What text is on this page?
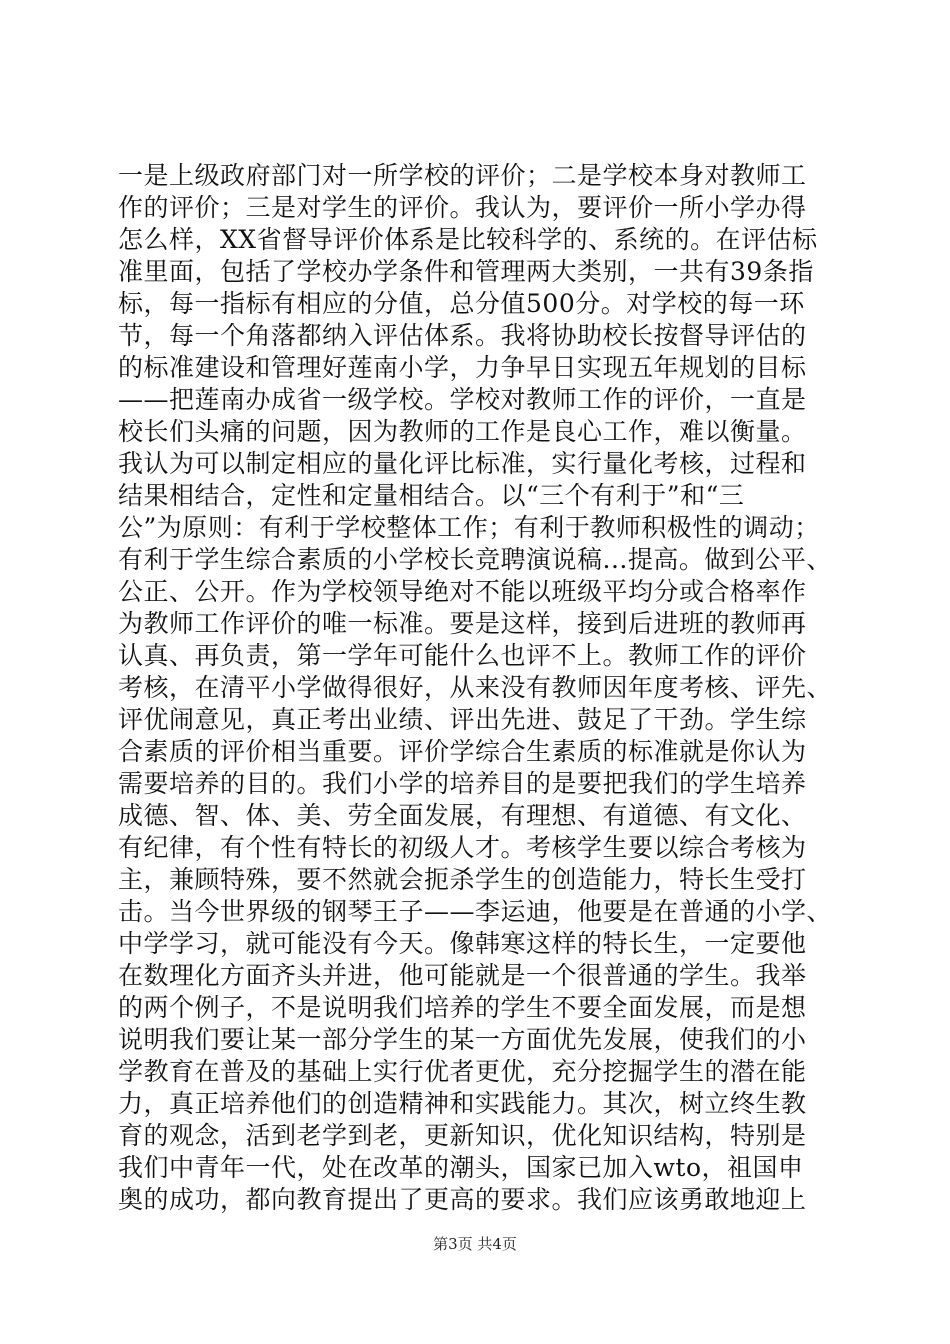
一是上级政府部门对一所学校的评价；二是学校本身对教师工
作的评价；三是对学生的评价。我认为，要评价一所小学办得
怎么样，XX省督导评价体系是比较科学的、系统的。在评估标
准里面，包括了学校办学条件和管理两大类别，一共有39条指
标，每一指标有相应的分值，总分值500分。对学校的每一环
节，每一个角落都纳入评估体系。我将协助校长按督导评估的
的标准建设和管理好莲南小学，力争早日实现五年规划的目标
——把莲南办成省一级学校。学校对教师工作的评价，一直是
校长们头痛的问题，因为教师的工作是良心工作，难以衡量。
我认为可以制定相应的量化评比标准，实行量化考核，过程和
结果相结合，定性和定量相结合。以“三个有利于”和“三
公”为原则：有利于学校整体工作；有利于教师积极性的调动；
有利于学生综合素质的小学校长竞聘演说稿...提高。做到公平、
公正、公开。作为学校领导绝对不能以班级平均分或合格率作
为教师工作评价的唯一标准。要是这样，接到后进班的教师再
认真、再负责，第一学年可能什么也评不上。教师工作的评价
考核，在清平小学做得很好，从来没有教师因年度考核、评先、
评优闹意见，真正考出业绩、评出先进、鼓足了干劲。学生综
合素质的评价相当重要。评价学综合生素质的标准就是你认为
需要培养的目的。我们小学的培养目的是要把我们的学生培养
成德、智、体、美、劳全面发展，有理想、有道德、有文化、
有纪律，有个性有特长的初级人才。考核学生要以综合考核为
主，兼顾特殊，要不然就会扼杀学生的创造能力，特长生受打
击。当今世界级的钢琴王子——李运迪，他要是在普通的小学、
中学学习，就可能没有今天。像韩寒这样的特长生，一定要他
在数理化方面齐头并进，他可能就是一个很普通的学生。我举
的两个例子，不是说明我们培养的学生不要全面发展，而是想
说明我们要让某一部分学生的某一方面优先发展，使我们的小
学教育在普及的基础上实行优者更优，充分挖掘学生的潜在能
力，真正培养他们的创造精神和实践能力。其次，树立终生教
育的观念，活到老学到老，更新知识，优化知识结构，特别是
我们中青年一代，处在改革的潮头，国家已加入wto，祖国申
奥的成功，都向教育提出了更高的要求。我们应该勇敢地迎上
第3页 共4页
